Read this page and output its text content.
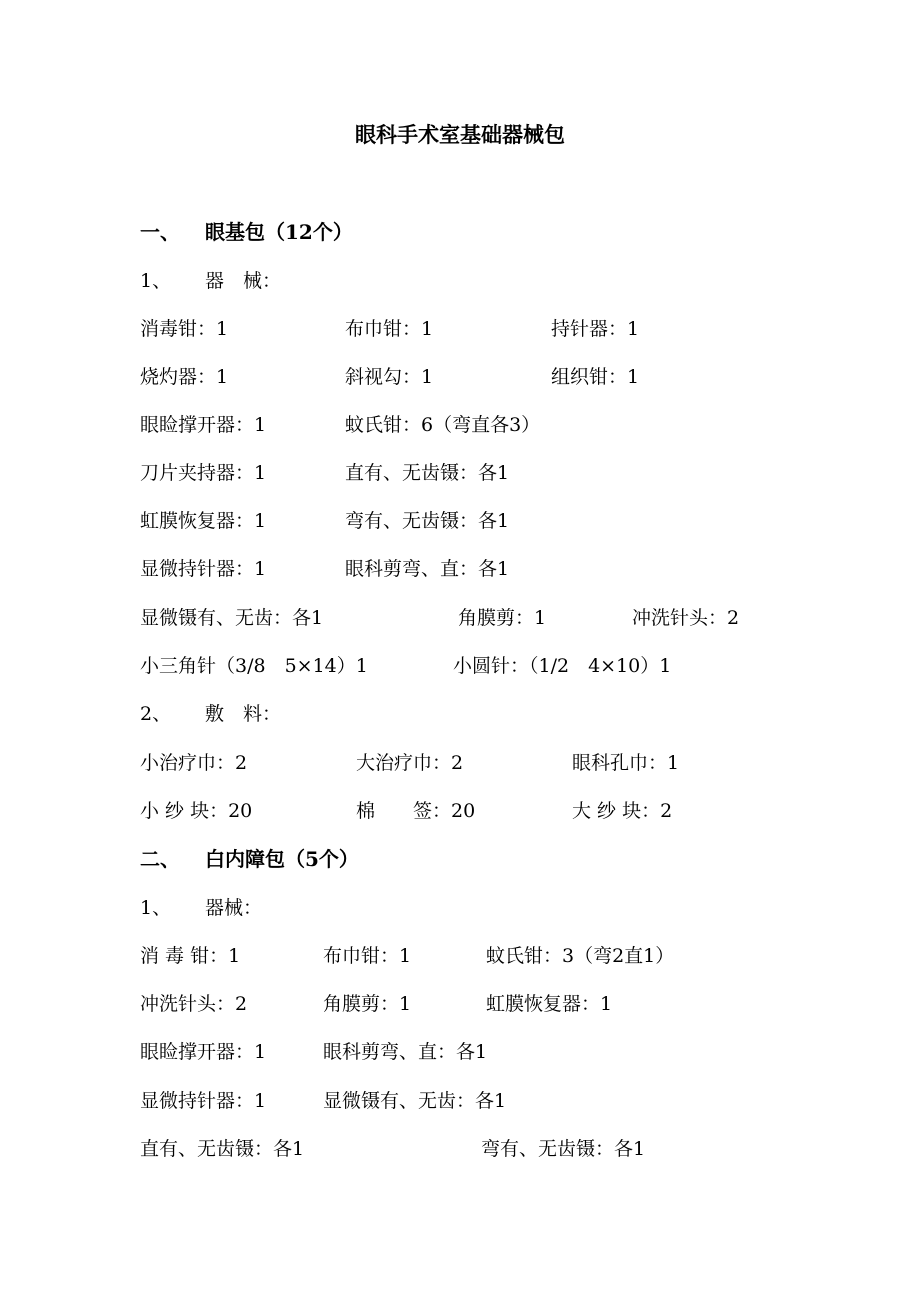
眼科手术室基础器械包

一、

眼基包（12个）

1、

器　械：

消毒钳：1

	布巾钳：1

	持针器：1

烧灼器：1

	斜视勾：1

	组织钳：1

眼睑撑开器：1

	蚊氏钳：6（弯直各3）

刀片夹持器：1

	直有、无齿镊：各1

虹膜恢复器：1

	弯有、无齿镊：各1

显微持针器：1

	眼科剪弯、直：各1

显微镊有、无齿：各1

	角膜剪：1

	冲洗针头：2

小三角针（3/8　5×14）1

	小圆针：（1/2　4×10）1

2、

敷　料：

小治疗巾：2

	大治疗巾：2

	眼科孔巾：1

小 纱 块：20

	棉　　签：20

	大 纱 块：2

二、

白内障包（5个）

1、

器械：

消 毒 钳：1

	布巾钳：1

	蚊氏钳：3（弯2直1）

冲洗针头：2

	角膜剪：1

	虹膜恢复器：1

眼睑撑开器：1

	眼科剪弯、直：各1

显微持针器：1

	显微镊有、无齿：各1

直有、无齿镊：各1

	弯有、无齿镊：各1
